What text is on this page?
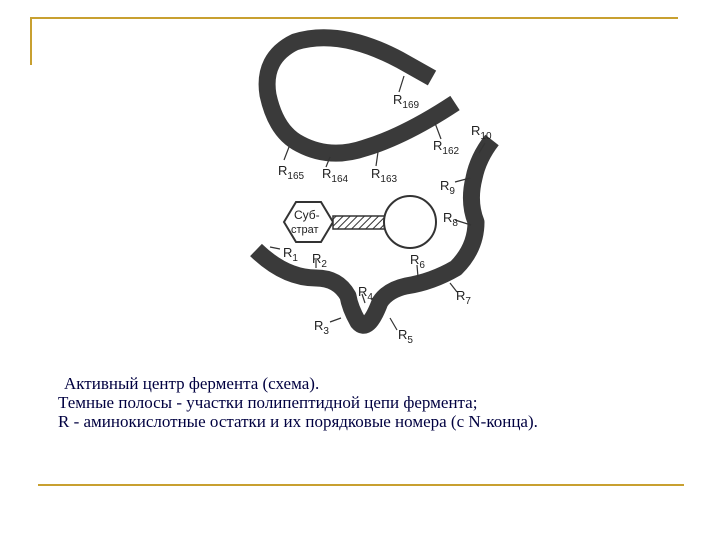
Суб-
страт
$R_{169}$
$R_{162}$
$R_{10}$
$R_{165}$ $R_{164}$ $R_{163}$	$R_9$
$R_8$
$R_1$ $R_2$	$R_6$
$R_4$	$R_7$
$R_3$	$R_5$
Активный центр фермента (схема).
Темные полосы - участки полипептидной цепи фермента;
R - аминокислотные остатки и их порядковые номера (с N-конца).
